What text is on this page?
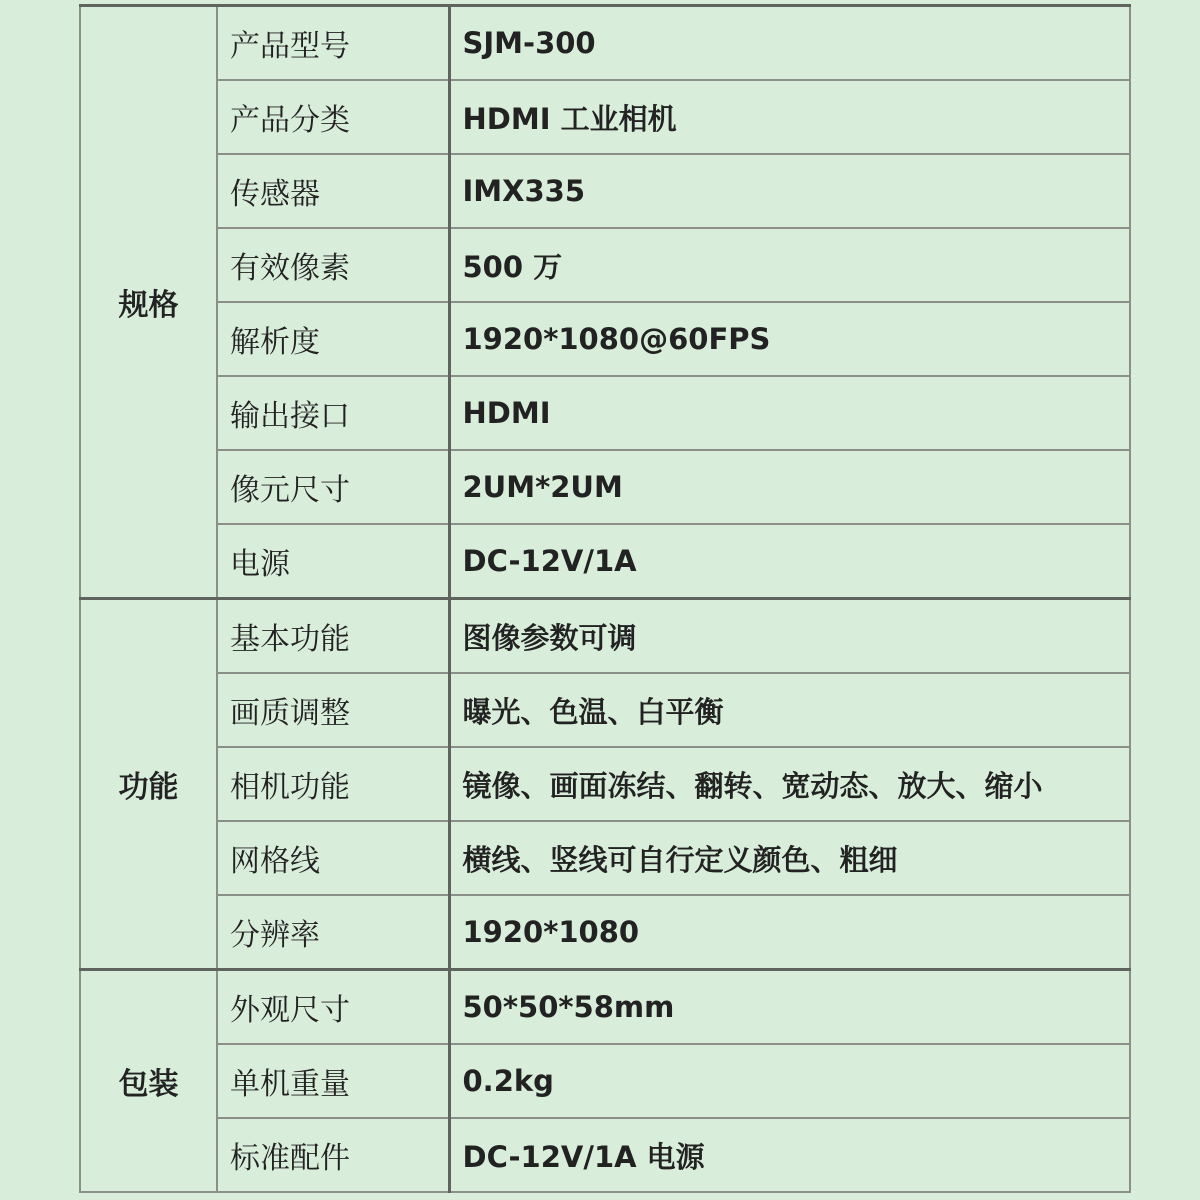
规格	产品型号	SJM-300
	产品分类	HDMI 工业相机
	传感器	IMX335
	有效像素	500 万
	解析度	1920*1080@60FPS
	输出接口	HDMI
	像元尺寸	2UM*2UM
	电源	DC-12V/1A
功能	基本功能	图像参数可调
	画质调整	曝光、色温、白平衡
	相机功能	镜像、画面冻结、翻转、宽动态、放大、缩小
	网格线	横线、竖线可自行定义颜色、粗细
	分辨率	1920*1080
包装	外观尺寸	50*50*58mm
	单机重量	0.2kg
	标准配件	DC-12V/1A 电源
